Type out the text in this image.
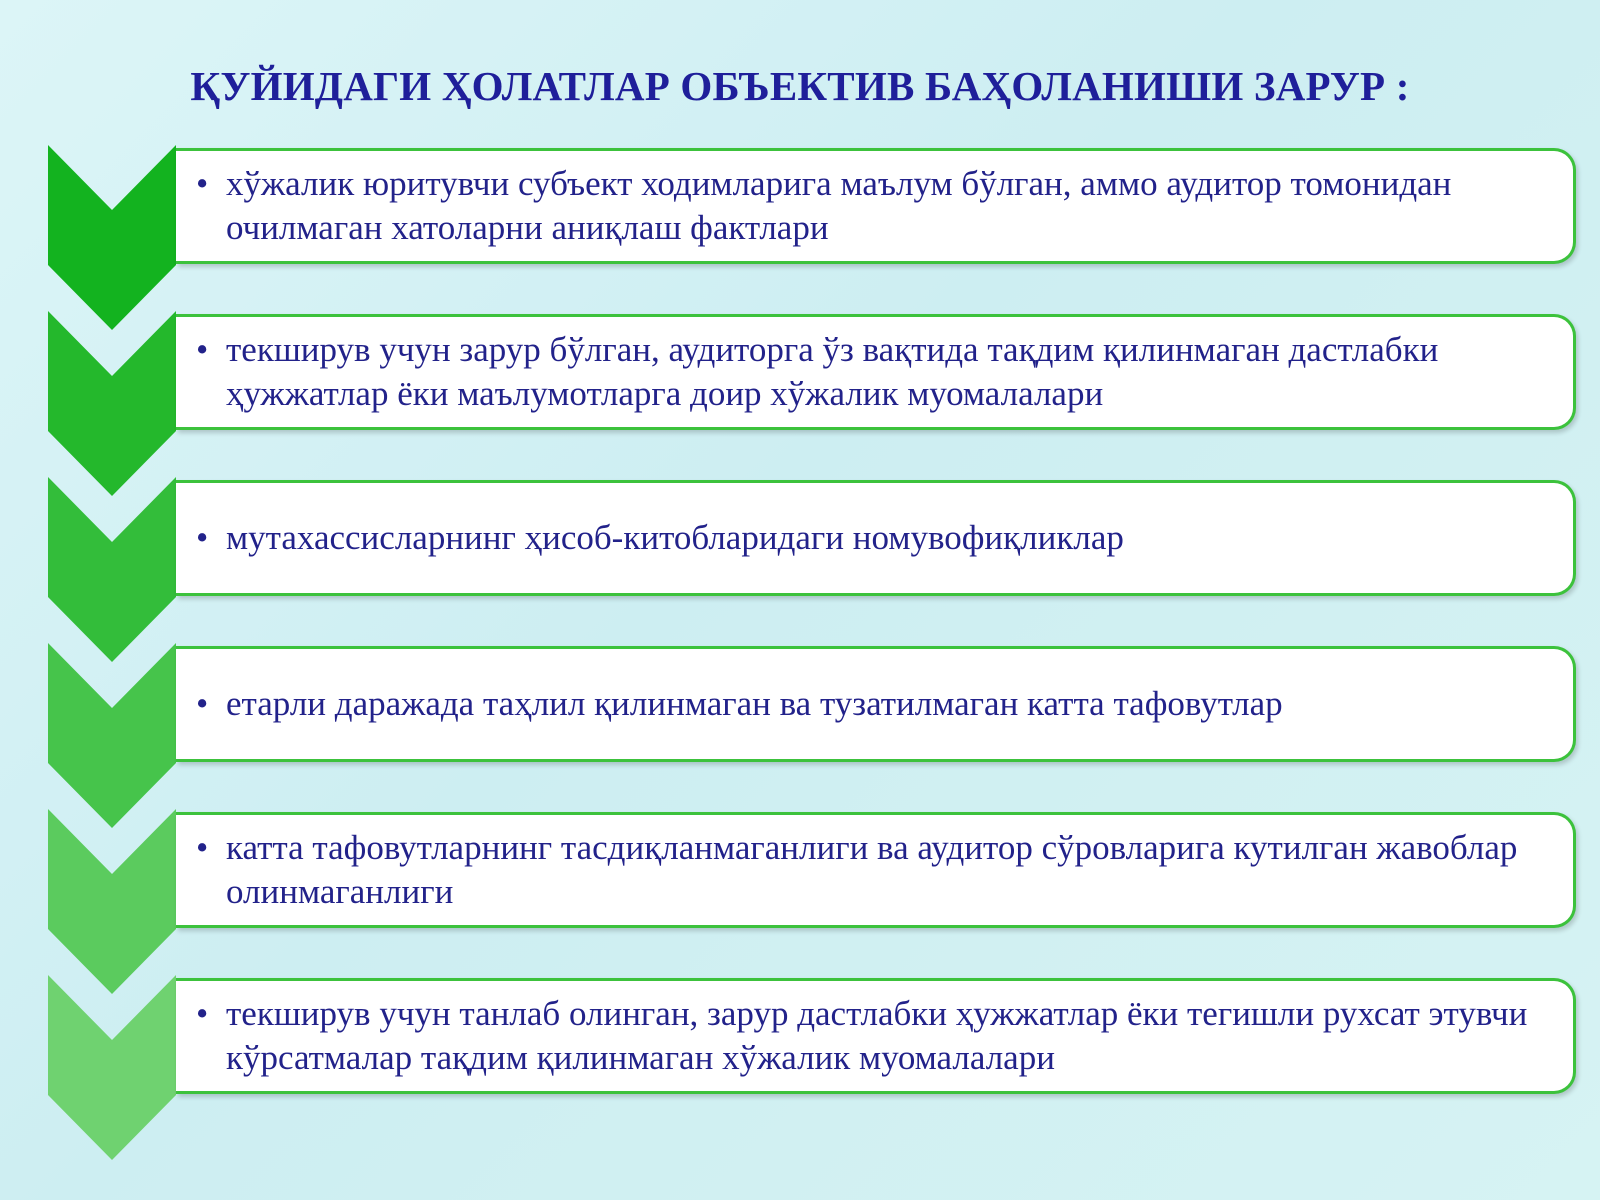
ҚУЙИДАГИ ҲОЛАТЛАР ОБЪЕКТИВ БАҲОЛАНИШИ ЗАРУР :
• хўжалик юритувчи субъект ходимларига маълум бўлган, аммо аудитор томонидан очилмаган хатоларни аниқлаш фактлари
• текширув учун зарур бўлган, аудиторга ўз вақтида тақдим қилинмаган дастлабки ҳужжатлар ёки маълумотларга доир хўжалик муомалалари
• мутахассисларнинг ҳисоб-китобларидаги номувофиқликлар
• етарли даражада таҳлил қилинмаган ва тузатилмаган катта тафовутлар
• катта тафовутларнинг тасдиқланмаганлиги ва аудитор сўровларига кутилган жавоблар олинмаганлиги
• текширув учун танлаб олинган, зарур дастлабки ҳужжатлар ёки тегишли рухсат этувчи кўрсатмалар тақдим қилинмаган хўжалик муомалалари
